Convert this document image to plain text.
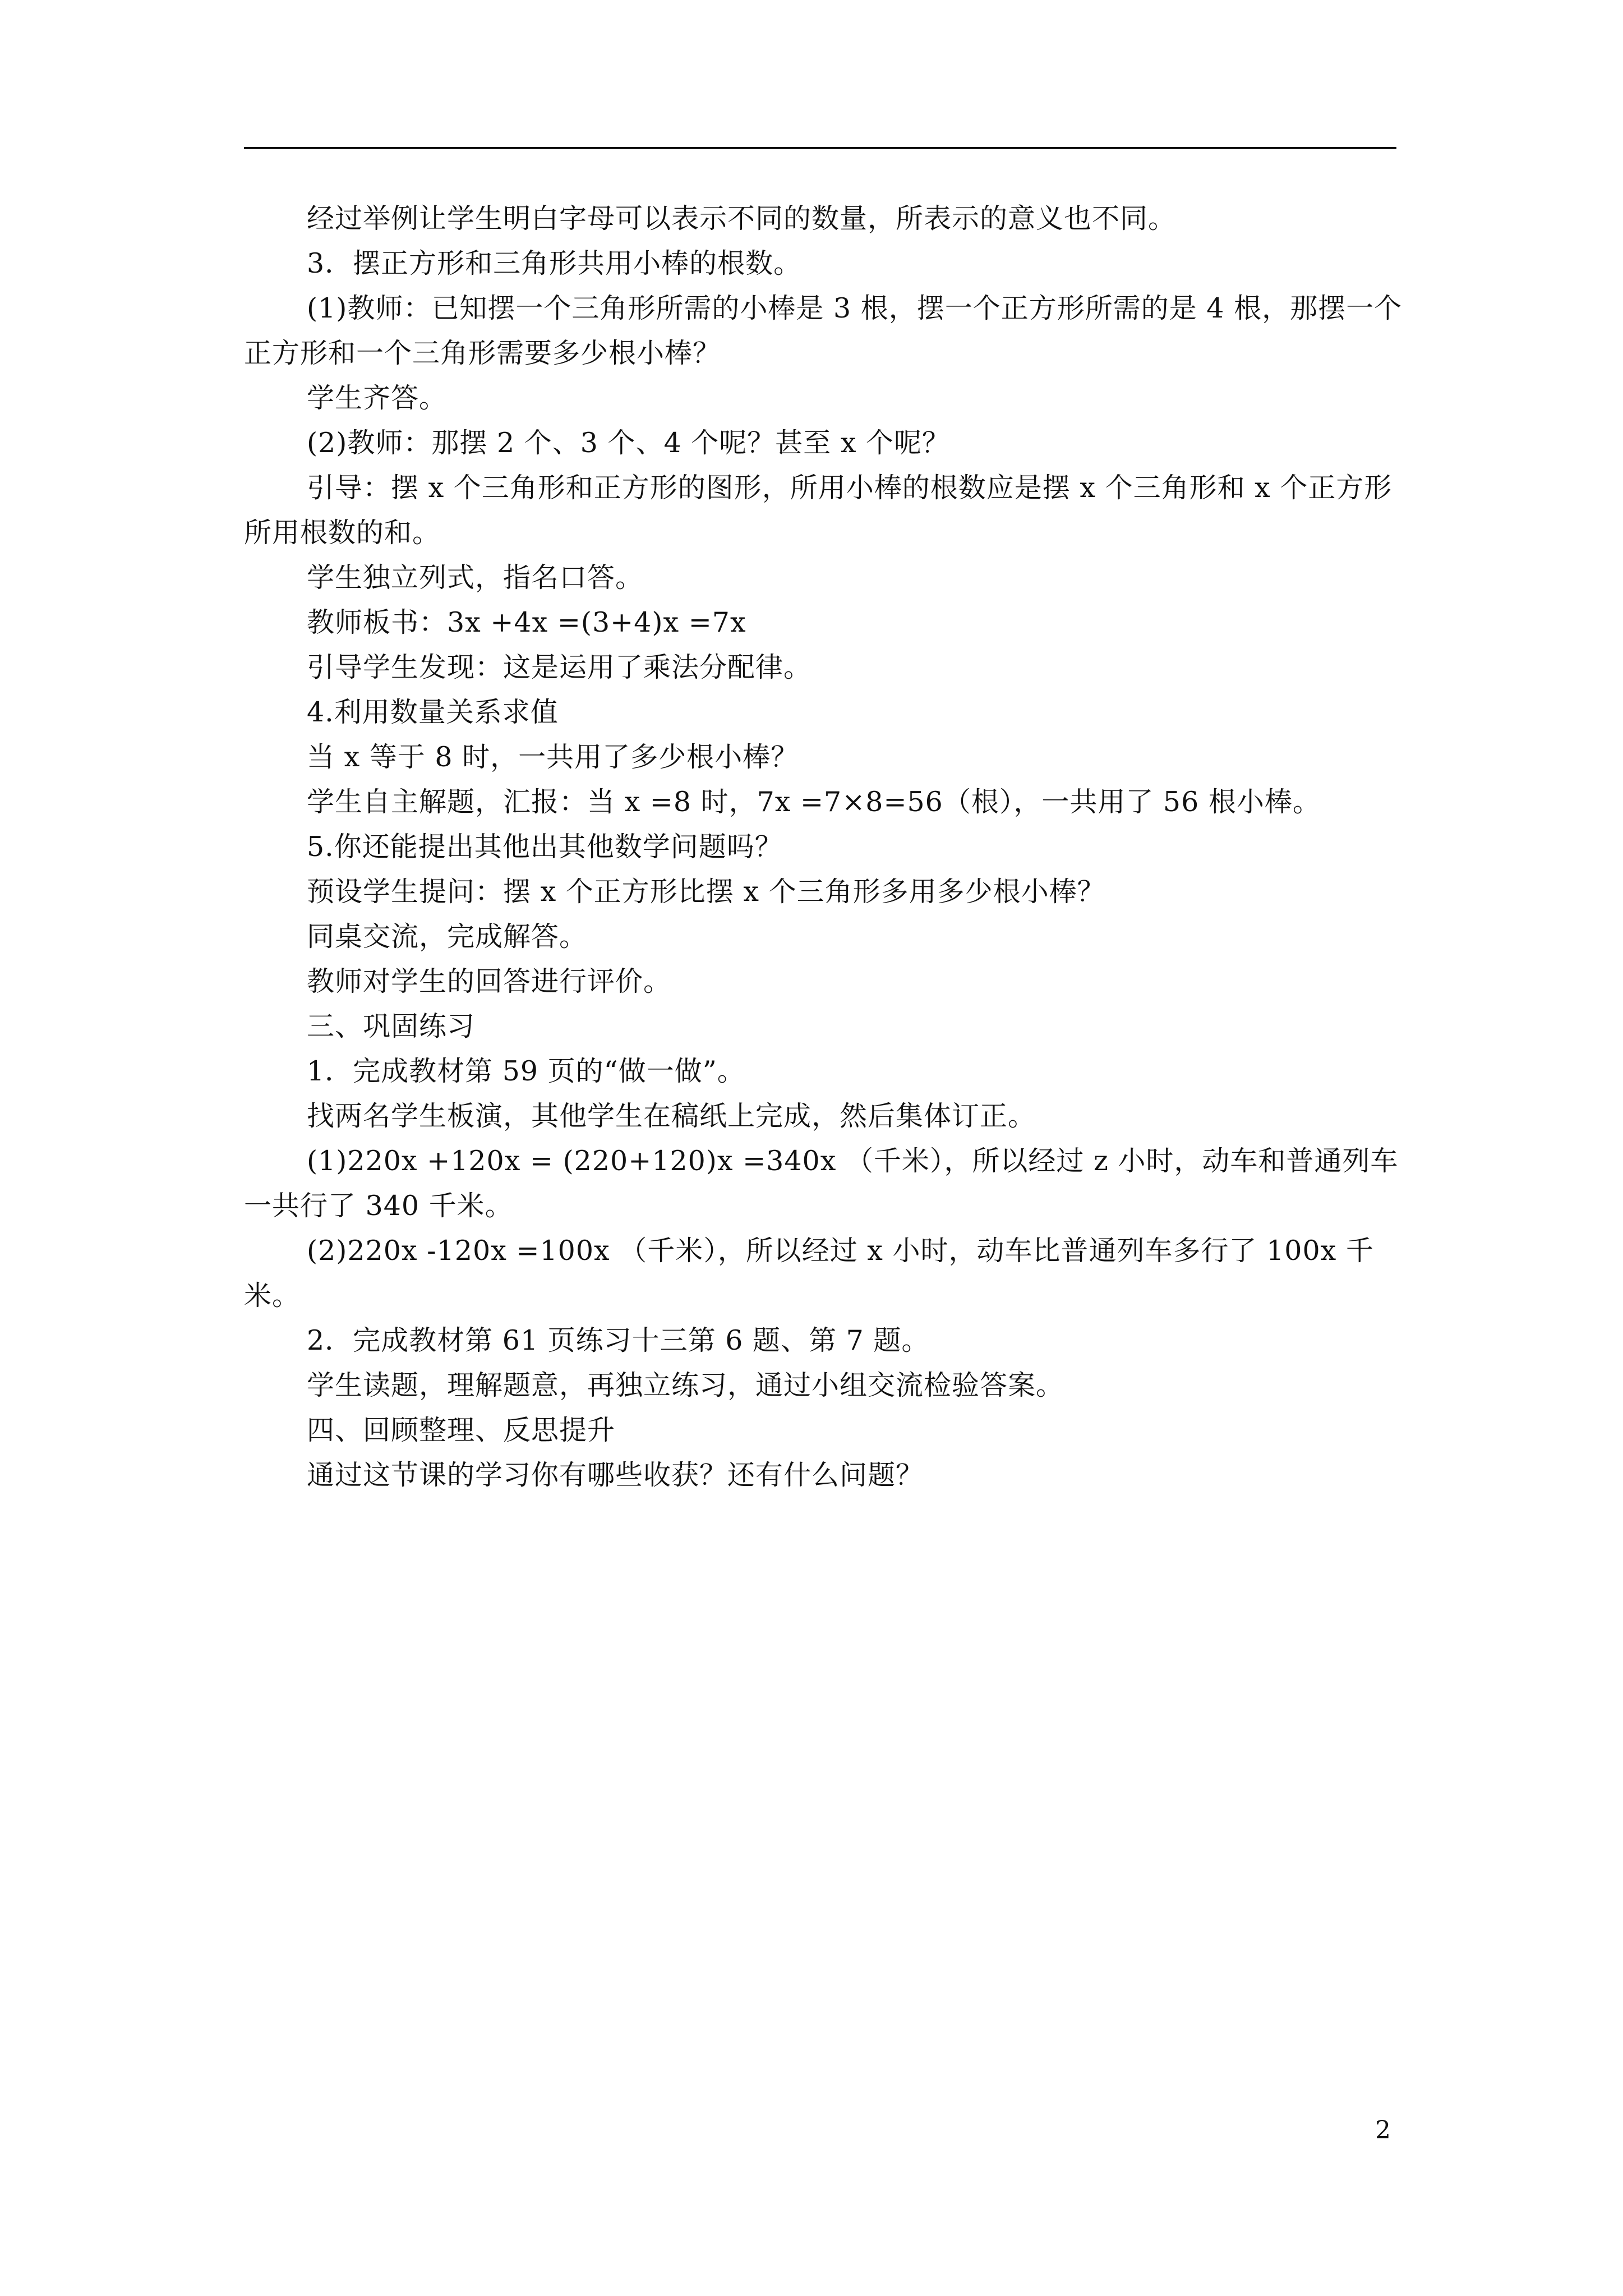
经过举例让学生明白字母可以表示不同的数量，所表示的意义也不同。

3．摆正方形和三角形共用小棒的根数。

(1)教师：已知摆一个三角形所需的小棒是 3 根，摆一个正方形所需的是 4 根，那摆一个正方形和一个三角形需要多少根小棒？

学生齐答。

(2)教师：那摆 2 个、3 个、4 个呢？甚至 x 个呢？

引导：摆 x 个三角形和正方形的图形，所用小棒的根数应是摆 x 个三角形和 x 个正方形所用根数的和。

学生独立列式，指名口答。

教师板书：3x +4x =(3+4)x =7x

引导学生发现：这是运用了乘法分配律。

4.利用数量关系求值

当 x 等于 8 时，一共用了多少根小棒？

学生自主解题，汇报：当 x =8 时，7x =7×8=56（根），一共用了 56 根小棒。

5.你还能提出其他出其他数学问题吗？

预设学生提问：摆 x 个正方形比摆 x 个三角形多用多少根小棒？

同桌交流，完成解答。

教师对学生的回答进行评价。

三、巩固练习

1．完成教材第 59 页的“做一做”。

找两名学生板演，其他学生在稿纸上完成，然后集体订正。

(1)220x +120x = (220+120)x =340x （千米），所以经过 z 小时，动车和普通列车一共行了 340 千米。

(2)220x -120x =100x （千米），所以经过 x 小时，动车比普通列车多行了 100x 千米。

2．完成教材第 61 页练习十三第 6 题、第 7 题。

学生读题，理解题意，再独立练习，通过小组交流检验答案。

四、回顾整理、反思提升

通过这节课的学习你有哪些收获？还有什么问题？

2
